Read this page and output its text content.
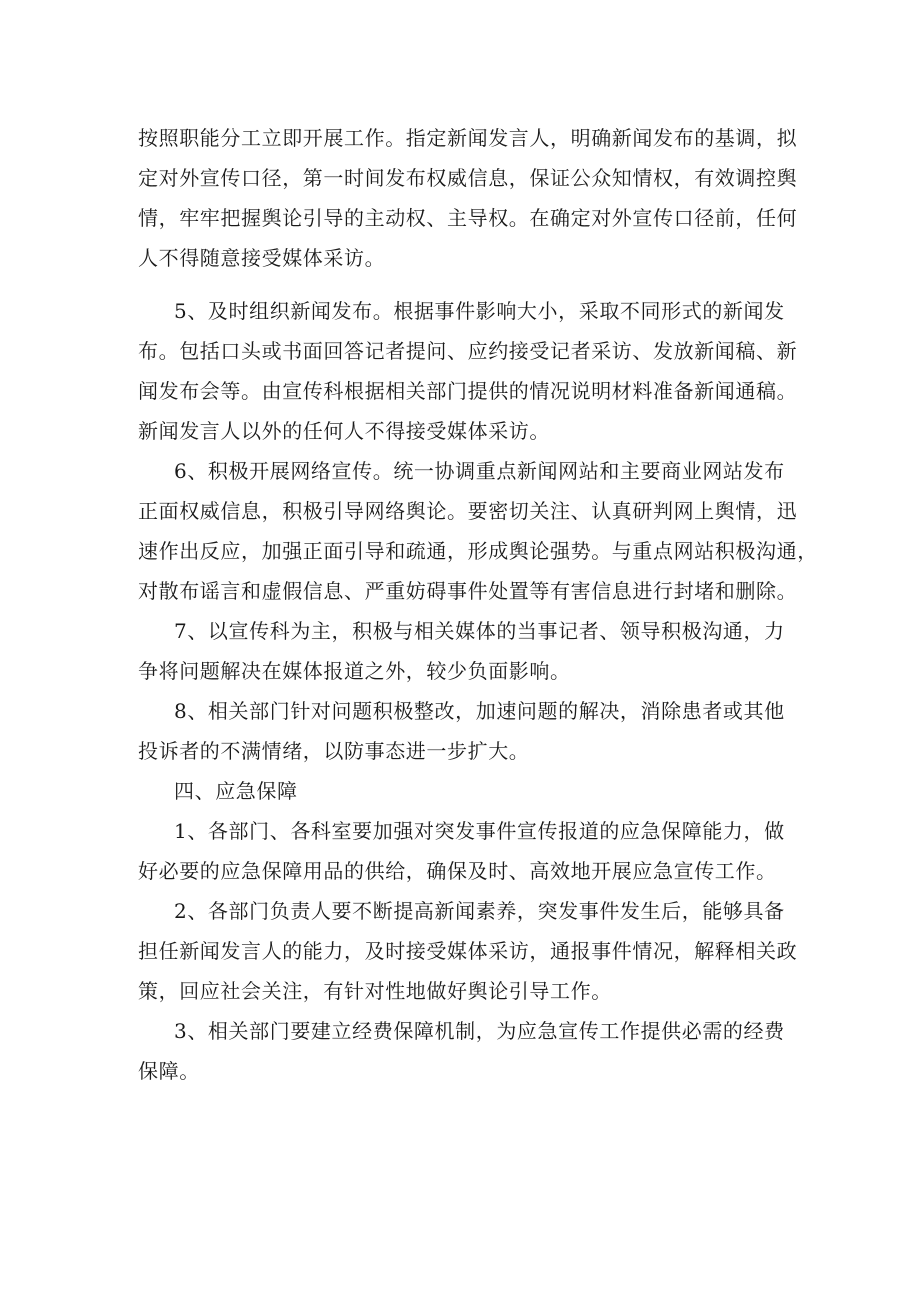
按照职能分工立即开展工作。指定新闻发言人，明确新闻发布的基调，拟
定对外宣传口径，第一时间发布权威信息，保证公众知情权，有效调控舆
情，牢牢把握舆论引导的主动权、主导权。在确定对外宣传口径前，任何
人不得随意接受媒体采访。
5、及时组织新闻发布。根据事件影响大小，采取不同形式的新闻发
布。包括口头或书面回答记者提问、应约接受记者采访、发放新闻稿、新
闻发布会等。由宣传科根据相关部门提供的情况说明材料准备新闻通稿。
新闻发言人以外的任何人不得接受媒体采访。
6、积极开展网络宣传。统一协调重点新闻网站和主要商业网站发布
正面权威信息，积极引导网络舆论。要密切关注、认真研判网上舆情，迅
速作出反应，加强正面引导和疏通，形成舆论强势。与重点网站积极沟通，
对散布谣言和虚假信息、严重妨碍事件处置等有害信息进行封堵和删除。
7、以宣传科为主，积极与相关媒体的当事记者、领导积极沟通，力
争将问题解决在媒体报道之外，较少负面影响。
8、相关部门针对问题积极整改，加速问题的解决，消除患者或其他
投诉者的不满情绪，以防事态进一步扩大。
四、应急保障
1、各部门、各科室要加强对突发事件宣传报道的应急保障能力，做
好必要的应急保障用品的供给，确保及时、高效地开展应急宣传工作。
2、各部门负责人要不断提高新闻素养，突发事件发生后，能够具备
担任新闻发言人的能力，及时接受媒体采访，通报事件情况，解释相关政
策，回应社会关注，有针对性地做好舆论引导工作。
3、相关部门要建立经费保障机制，为应急宣传工作提供必需的经费
保障。
